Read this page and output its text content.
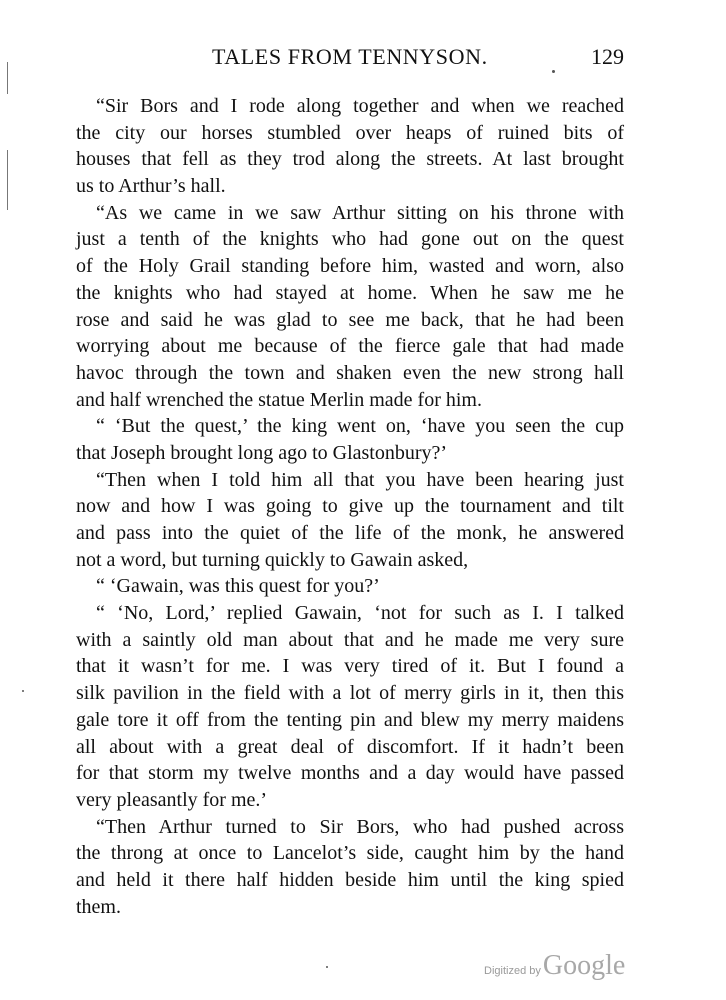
TALES FROM TENNYSON.	129
“Sir Bors and I rode along together and when we reached
the city our horses stumbled over heaps of ruined bits of
houses that fell as they trod along the streets. At last brought
us to Arthur’s hall.
“As we came in we saw Arthur sitting on his throne with
just a tenth of the knights who had gone out on the quest
of the Holy Grail standing before him, wasted and worn, also
the knights who had stayed at home. When he saw me he
rose and said he was glad to see me back, that he had been
worrying about me because of the fierce gale that had made
havoc through the town and shaken even the new strong hall
and half wrenched the statue Merlin made for him.
“ ‘But the quest,’ the king went on, ‘have you seen the cup
that Joseph brought long ago to Glastonbury?’
“Then when I told him all that you have been hearing just
now and how I was going to give up the tournament and tilt
and pass into the quiet of the life of the monk, he answered
not a word, but turning quickly to Gawain asked,
“ ‘Gawain, was this quest for you?’
“ ‘No, Lord,’ replied Gawain, ‘not for such as I. I talked
with a saintly old man about that and he made me very sure
that it wasn’t for me. I was very tired of it. But I found a
silk pavilion in the field with a lot of merry girls in it, then this
gale tore it off from the tenting pin and blew my merry maidens
all about with a great deal of discomfort. If it hadn’t been
for that storm my twelve months and a day would have passed
very pleasantly for me.’
“Then Arthur turned to Sir Bors, who had pushed across
the throng at once to Lancelot’s side, caught him by the hand
and held it there half hidden beside him until the king spied
them.
Digitized by Google
